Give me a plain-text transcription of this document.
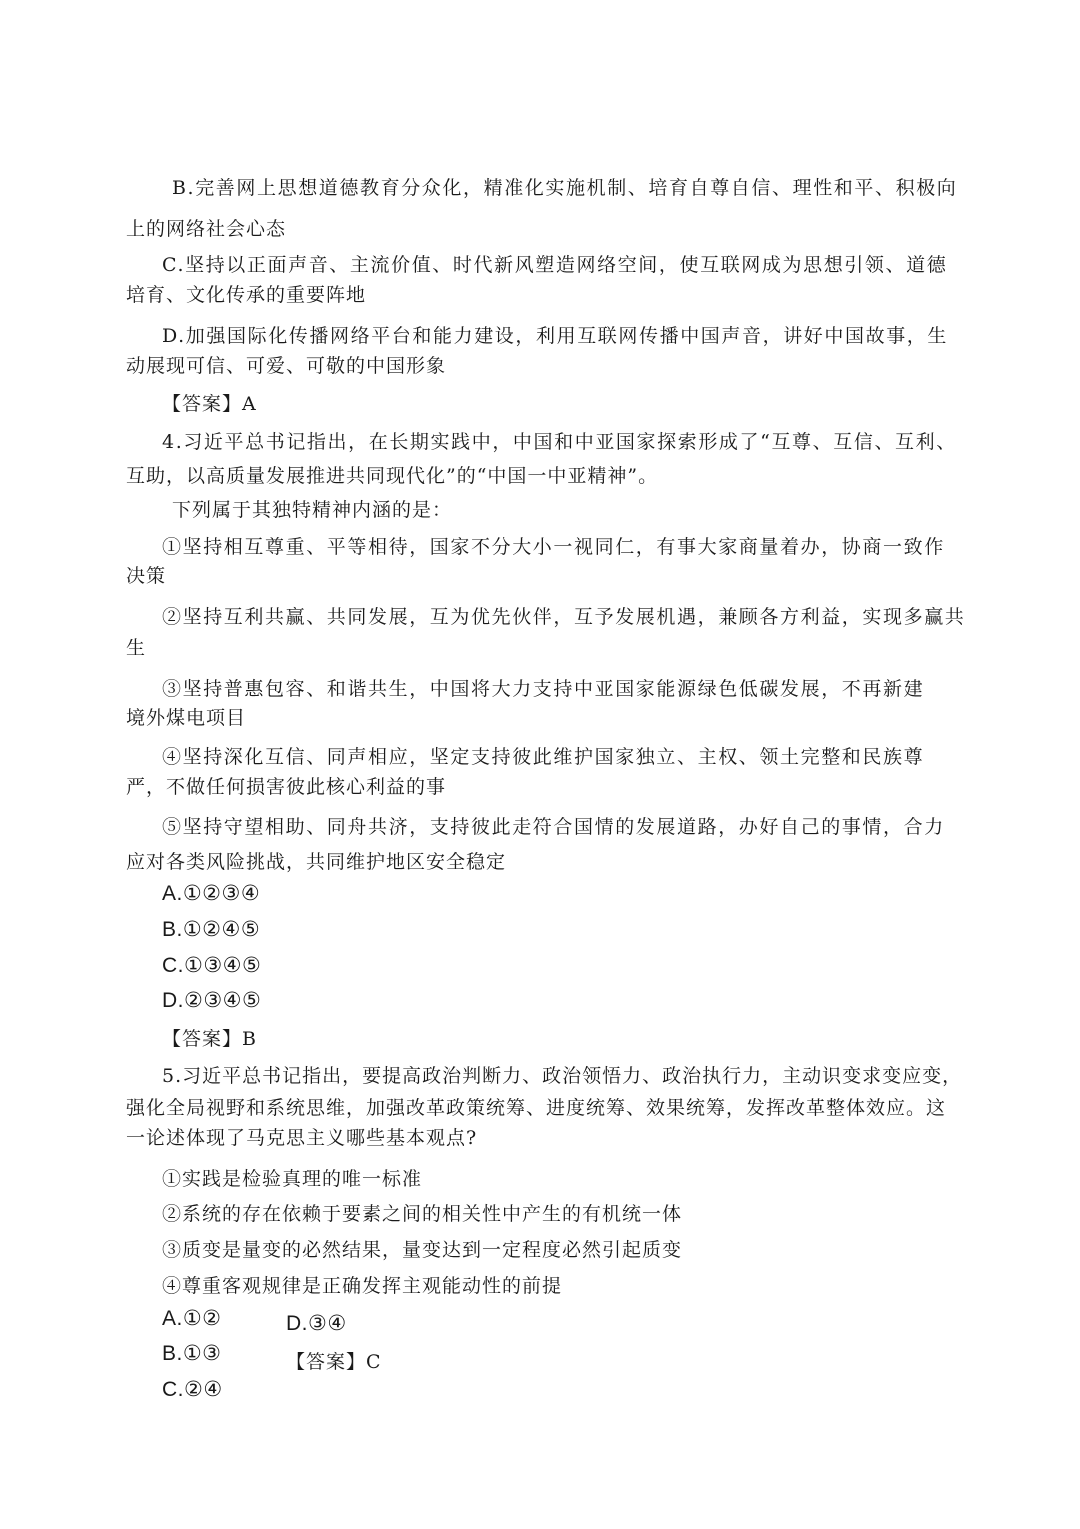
B.完善网上思想道德教育分众化，精准化实施机制、培育自尊自信、理性和平、积极向
上的网络社会心态
C.坚持以正面声音、主流价值、时代新风塑造网络空间，使互联网成为思想引领、道德
培育、文化传承的重要阵地
D.加强国际化传播网络平台和能力建设，利用互联网传播中国声音，讲好中国故事，生
动展现可信、可爱、可敬的中国形象
【答案】A
4.习近平总书记指出，在长期实践中，中国和中亚国家探索形成了“互尊、互信、互利、
互助，以高质量发展推进共同现代化”的“中国一中亚精神”。
下列属于其独特精神内涵的是：
①坚持相互尊重、平等相待，国家不分大小一视同仁，有事大家商量着办，协商一致作
决策
②坚持互利共赢、共同发展，互为优先伙伴，互予发展机遇，兼顾各方利益，实现多赢共
生
③坚持普惠包容、和谐共生，中国将大力支持中亚国家能源绿色低碳发展，不再新建
境外煤电项目
④坚持深化互信、同声相应，坚定支持彼此维护国家独立、主权、领土完整和民族尊
严，不做任何损害彼此核心利益的事
⑤坚持守望相助、同舟共济，支持彼此走符合国情的发展道路，办好自己的事情，合力
应对各类风险挑战，共同维护地区安全稳定
A.①②③④
B.①②④⑤
C.①③④⑤
D.②③④⑤
【答案】B
5.习近平总书记指出，要提高政治判断力、政治领悟力、政治执行力，主动识变求变应变，
强化全局视野和系统思维，加强改革政策统筹、进度统筹、效果统筹，发挥改革整体效应。这
一论述体现了马克思主义哪些基本观点?
①实践是检验真理的唯一标准
②系统的存在依赖于要素之间的相关性中产生的有机统一体
③质变是量变的必然结果，量变达到一定程度必然引起质变
④尊重客观规律是正确发挥主观能动性的前提
A.①②	D.③④
B.①③	【答案】C
C.②④
